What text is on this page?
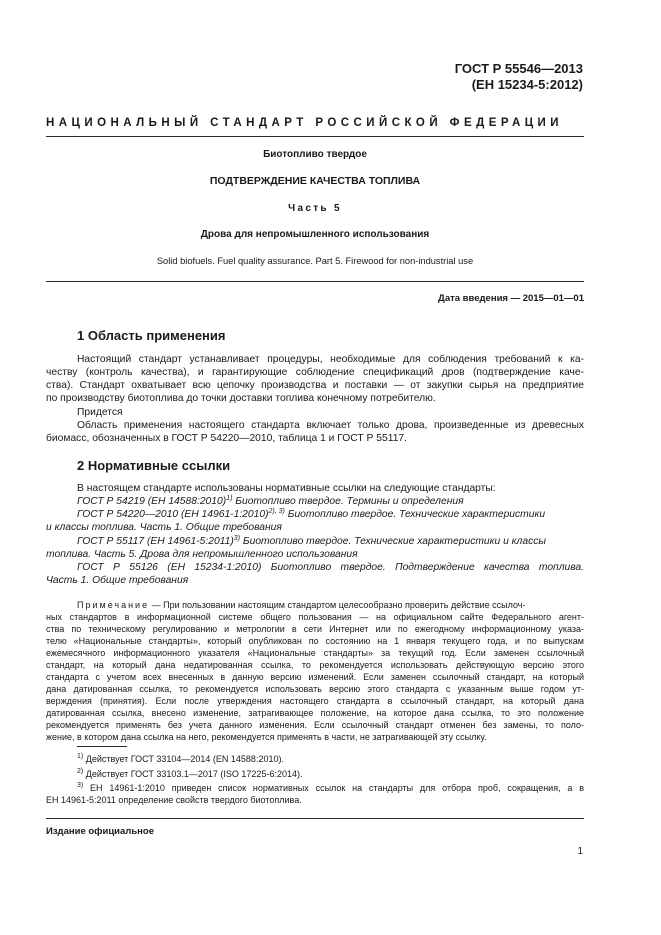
ГОСТ Р 55546—2013
(ЕН 15234-5:2012)
НАЦИОНАЛЬНЫЙ СТАНДАРТ РОССИЙСКОЙ ФЕДЕРАЦИИ
Биотопливо твердое
ПОДТВЕРЖДЕНИЕ КАЧЕСТВА ТОПЛИВА
Часть 5
Дрова для непромышленного использования
Solid biofuels. Fuel quality assurance. Part 5. Firewood for non-industrial use
Дата введения — 2015—01—01
1 Область применения
Настоящий стандарт устанавливает процедуры, необходимые для соблюдения требований к ка-
честву (контроль качества), и гарантирующие соблюдение спецификаций дров (подтверждение каче-
ства). Стандарт охватывает всю цепочку производства и поставки — от закупки сырья на предприятие
по производству биотоплива до точки доставки топлива конечному потребителю.
Придется
Область применения настоящего стандарта включает только дрова, произведенные из древесных
биомасс, обозначенных в ГОСТ Р 54220—2010, таблица 1 и ГОСТ Р 55117.
2 Нормативные ссылки
В настоящем стандарте использованы нормативные ссылки на следующие стандарты:
ГОСТ Р 54219 (ЕН 14588:2010)$^{1)}$ Биотопливо твердое. Термины и определения
ГОСТ Р 54220—2010 (ЕН 14961-1:2010)$^{2), 3)}$ Биотопливо твердое. Технические характеристики
и классы топлива. Часть 1. Общие требования
ГОСТ Р 55117 (ЕН 14961-5:2011)$^{3)}$ Биотопливо твердое. Технические характеристики и классы
топлива. Часть 5. Дрова для непромышленного использования
ГОСТ Р 55126 (ЕН 15234-1:2010) Биотопливо твердое. Подтверждение качества топлива.
Часть 1. Общие требования
Примечание — При пользовании настоящим стандартом целесообразно проверить действие ссылоч-
ных стандартов в информационной системе общего пользования — на официальном сайте Федерального агент-
ства по техническому регулированию и метрологии в сети Интернет или по ежегодному информационному указа-
телю «Национальные стандарты», который опубликован по состоянию на 1 января текущего года, и по выпускам
ежемесячного информационного указателя «Национальные стандарты» за текущий год. Если заменен ссылочный
стандарт, на который дана недатированная ссылка, то рекомендуется использовать действующую версию этого
стандарта с учетом всех внесенных в данную версию изменений. Если заменен ссылочный стандарт, на который
дана датированная ссылка, то рекомендуется использовать версию этого стандарта с указанным выше годом ут-
верждения (принятия). Если после утверждения настоящего стандарта в ссылочный стандарт, на который дана
датированная ссылка, внесено изменение, затрагивающее положение, на которое дана ссылка, то это положение
рекомендуется применять без учета данного изменения. Если ссылочный стандарт отменен без замены, то поло-
жение, в котором дана ссылка на него, рекомендуется применять в части, не затрагивающей эту ссылку.
$^{1)}$ Действует ГОСТ 33104—2014 (EN 14588:2010).
$^{2)}$ Действует ГОСТ 33103.1—2017 (ISO 17225-6:2014).
$^{3)}$ ЕН 14961-1:2010 приведен список нормативных ссылок на стандарты для отбора проб, сокращения, а в
ЕН 14961-5:2011 определение свойств твердого биотоплива.
Издание официальное
1
